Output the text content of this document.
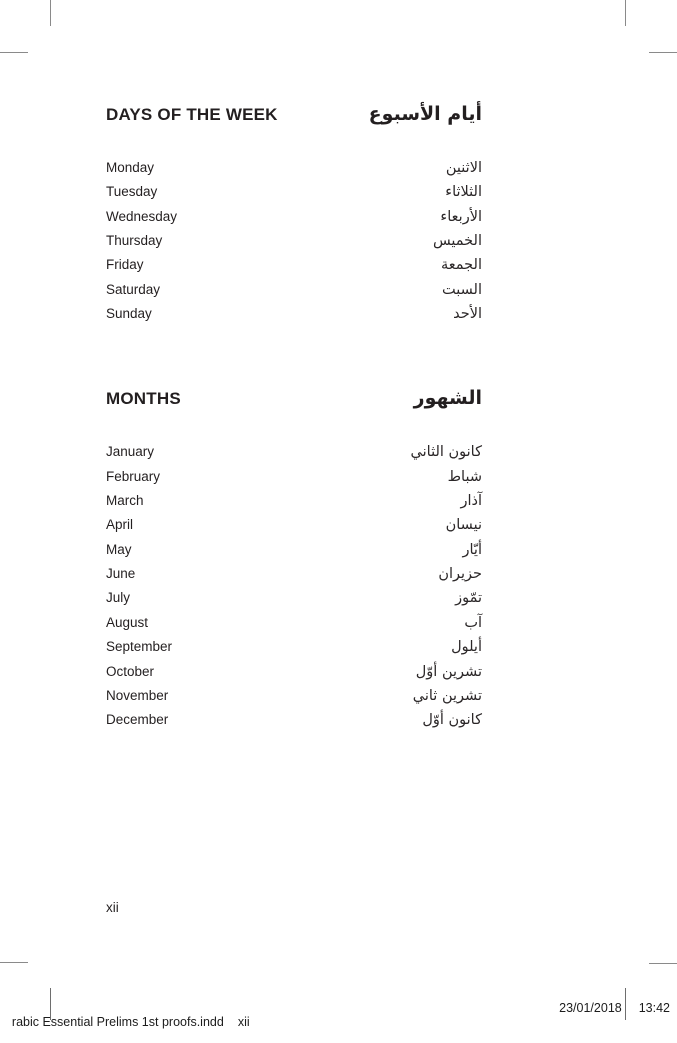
DAYS OF THE WEEK	أيام الأسبوع
Monday	الاثنين
Tuesday	الثلاثاء
Wednesday	الأربعاء
Thursday	الخميس
Friday	الجمعة
Saturday	السبت
Sunday	الأحد
MONTHS	الشهور
January	كانون الثاني
February	شباط
March	آذار
April	نيسان
May	أيّار
June	حزيران
July	تمّوز
August	آب
September	أيلول
October	تشرين أوّل
November	تشرين ثاني
December	كانون أوّل
xii

rabic Essential Prelims 1st proofs.indd xii

23/01/2018 13:42
